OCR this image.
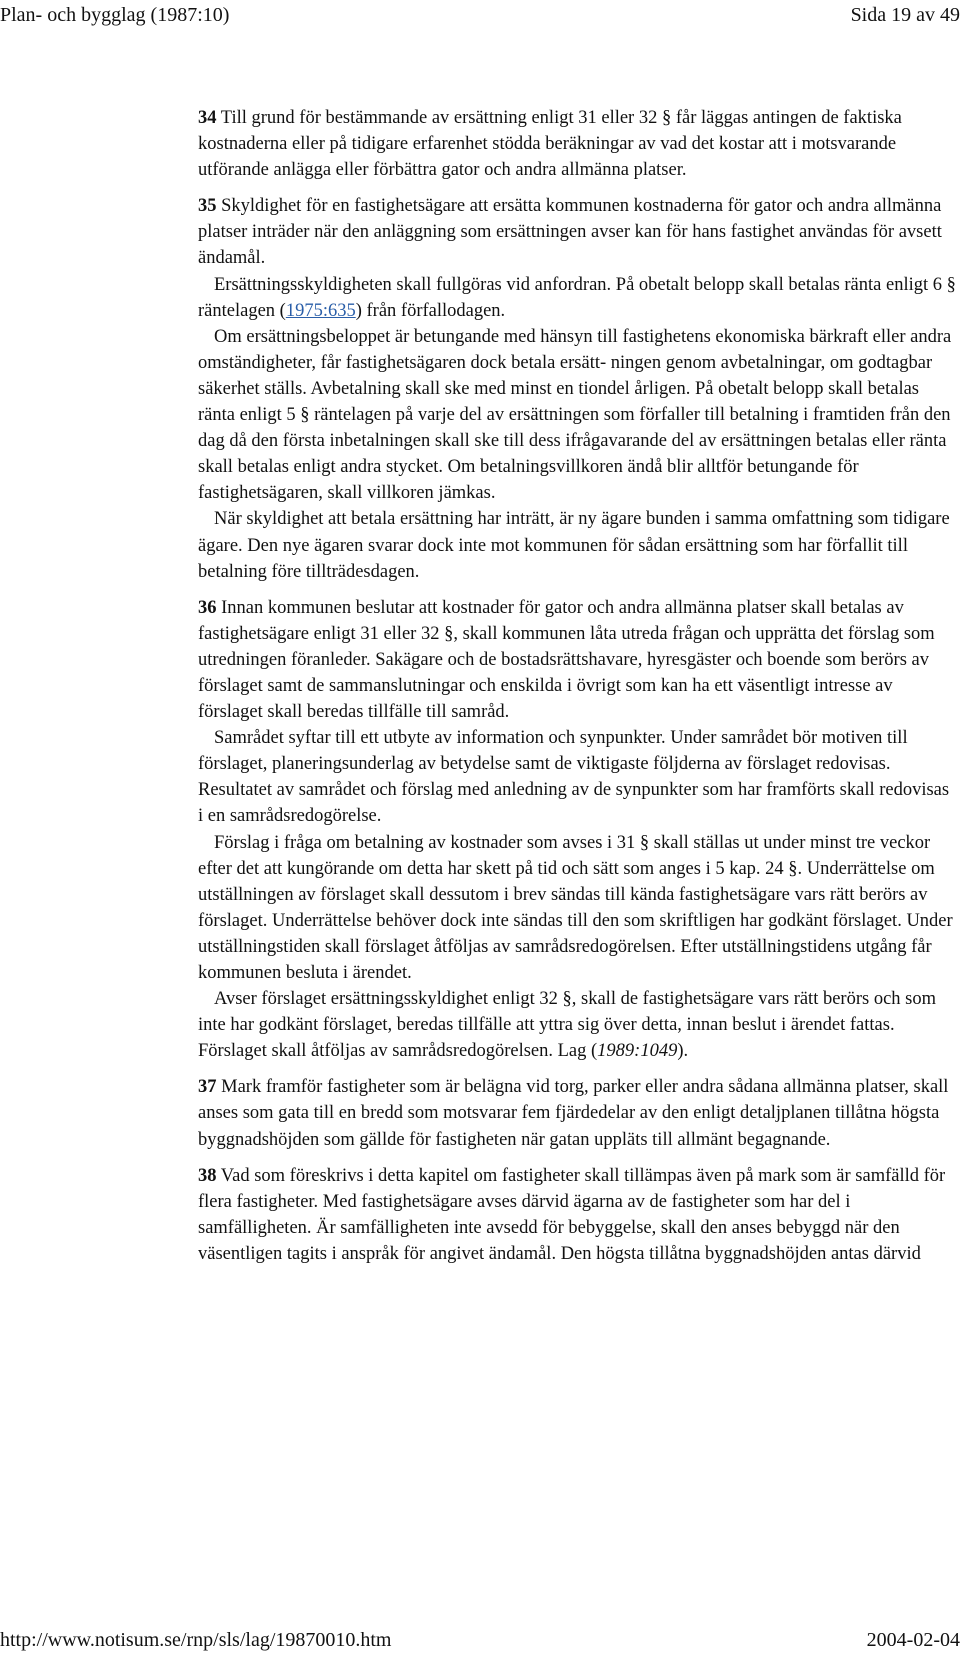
Plan- och bygglag (1987:10)	Sida 19 av 49

34 Till grund för bestämmande av ersättning enligt 31 eller 32 § får läggas antingen de faktiska kostnaderna eller på tidigare erfarenhet stödda beräkningar av vad det kostar att i motsvarande utförande anlägga eller förbättra gator och andra allmänna platser.

35 Skyldighet för en fastighetsägare att ersätta kommunen kostnaderna för gator och andra allmänna platser inträder när den anläggning som ersättningen avser kan för hans fastighet användas för avsett ändamål.

Ersättningsskyldigheten skall fullgöras vid anfordran. På obetalt belopp skall betalas ränta enligt 6 § räntelagen (1975:635) från förfallodagen.

Om ersättningsbeloppet är betungande med hänsyn till fastighetens ekonomiska bärkraft eller andra omständigheter, får fastighetsägaren dock betala ersätt- ningen genom avbetalningar, om godtagbar säkerhet ställs. Avbetalning skall ske med minst en tiondel årligen. På obetalt belopp skall betalas ränta enligt 5 § räntelagen på varje del av ersättningen som förfaller till betalning i framtiden från den dag då den första inbetalningen skall ske till dess ifrågavarande del av ersättningen betalas eller ränta skall betalas enligt andra stycket. Om betalningsvillkoren ändå blir alltför betungande för fastighetsägaren, skall villkoren jämkas.

När skyldighet att betala ersättning har inträtt, är ny ägare bunden i samma omfattning som tidigare ägare. Den nye ägaren svarar dock inte mot kommunen för sådan ersättning som har förfallit till betalning före tillträdesdagen.

36 Innan kommunen beslutar att kostnader för gator och andra allmänna platser skall betalas av fastighetsägare enligt 31 eller 32 §, skall kommunen låta utreda frågan och upprätta det förslag som utredningen föranleder. Sakägare och de bostadsrättshavare, hyresgäster och boende som berörs av förslaget samt de sammanslutningar och enskilda i övrigt som kan ha ett väsentligt intresse av förslaget skall beredas tillfälle till samråd.

Samrådet syftar till ett utbyte av information och synpunkter. Under samrådet bör motiven till förslaget, planeringsunderlag av betydelse samt de viktigaste följderna av förslaget redovisas. Resultatet av samrådet och förslag med anledning av de synpunkter som har framförts skall redovisas i en samrådsredogörelse.

Förslag i fråga om betalning av kostnader som avses i 31 § skall ställas ut under minst tre veckor efter det att kungörande om detta har skett på tid och sätt som anges i 5 kap. 24 §. Underrättelse om utställningen av förslaget skall dessutom i brev sändas till kända fastighetsägare vars rätt berörs av förslaget. Underrättelse behöver dock inte sändas till den som skriftligen har godkänt förslaget. Under utställningstiden skall förslaget åtföljas av samrådsredogörelsen. Efter utställningstidens utgång får kommunen besluta i ärendet.

Avser förslaget ersättningsskyldighet enligt 32 §, skall de fastighetsägare vars rätt berörs och som inte har godkänt förslaget, beredas tillfälle att yttra sig över detta, innan beslut i ärendet fattas. Förslaget skall åtföljas av samrådsredogörelsen. Lag (1989:1049).

37 Mark framför fastigheter som är belägna vid torg, parker eller andra sådana allmänna platser, skall anses som gata till en bredd som motsvarar fem fjärdedelar av den enligt detaljplanen tillåtna högsta byggnadshöjden som gällde för fastigheten när gatan uppläts till allmänt begagnande.

38 Vad som föreskrivs i detta kapitel om fastigheter skall tillämpas även på mark som är samfälld för flera fastigheter. Med fastighetsägare avses därvid ägarna av de fastigheter som har del i samfälligheten. Är samfälligheten inte avsedd för bebyggelse, skall den anses bebyggd när den väsentligen tagits i anspråk för angivet ändamål. Den högsta tillåtna byggnadshöjden antas därvid

http://www.notisum.se/rnp/sls/lag/19870010.htm	2004-02-04
